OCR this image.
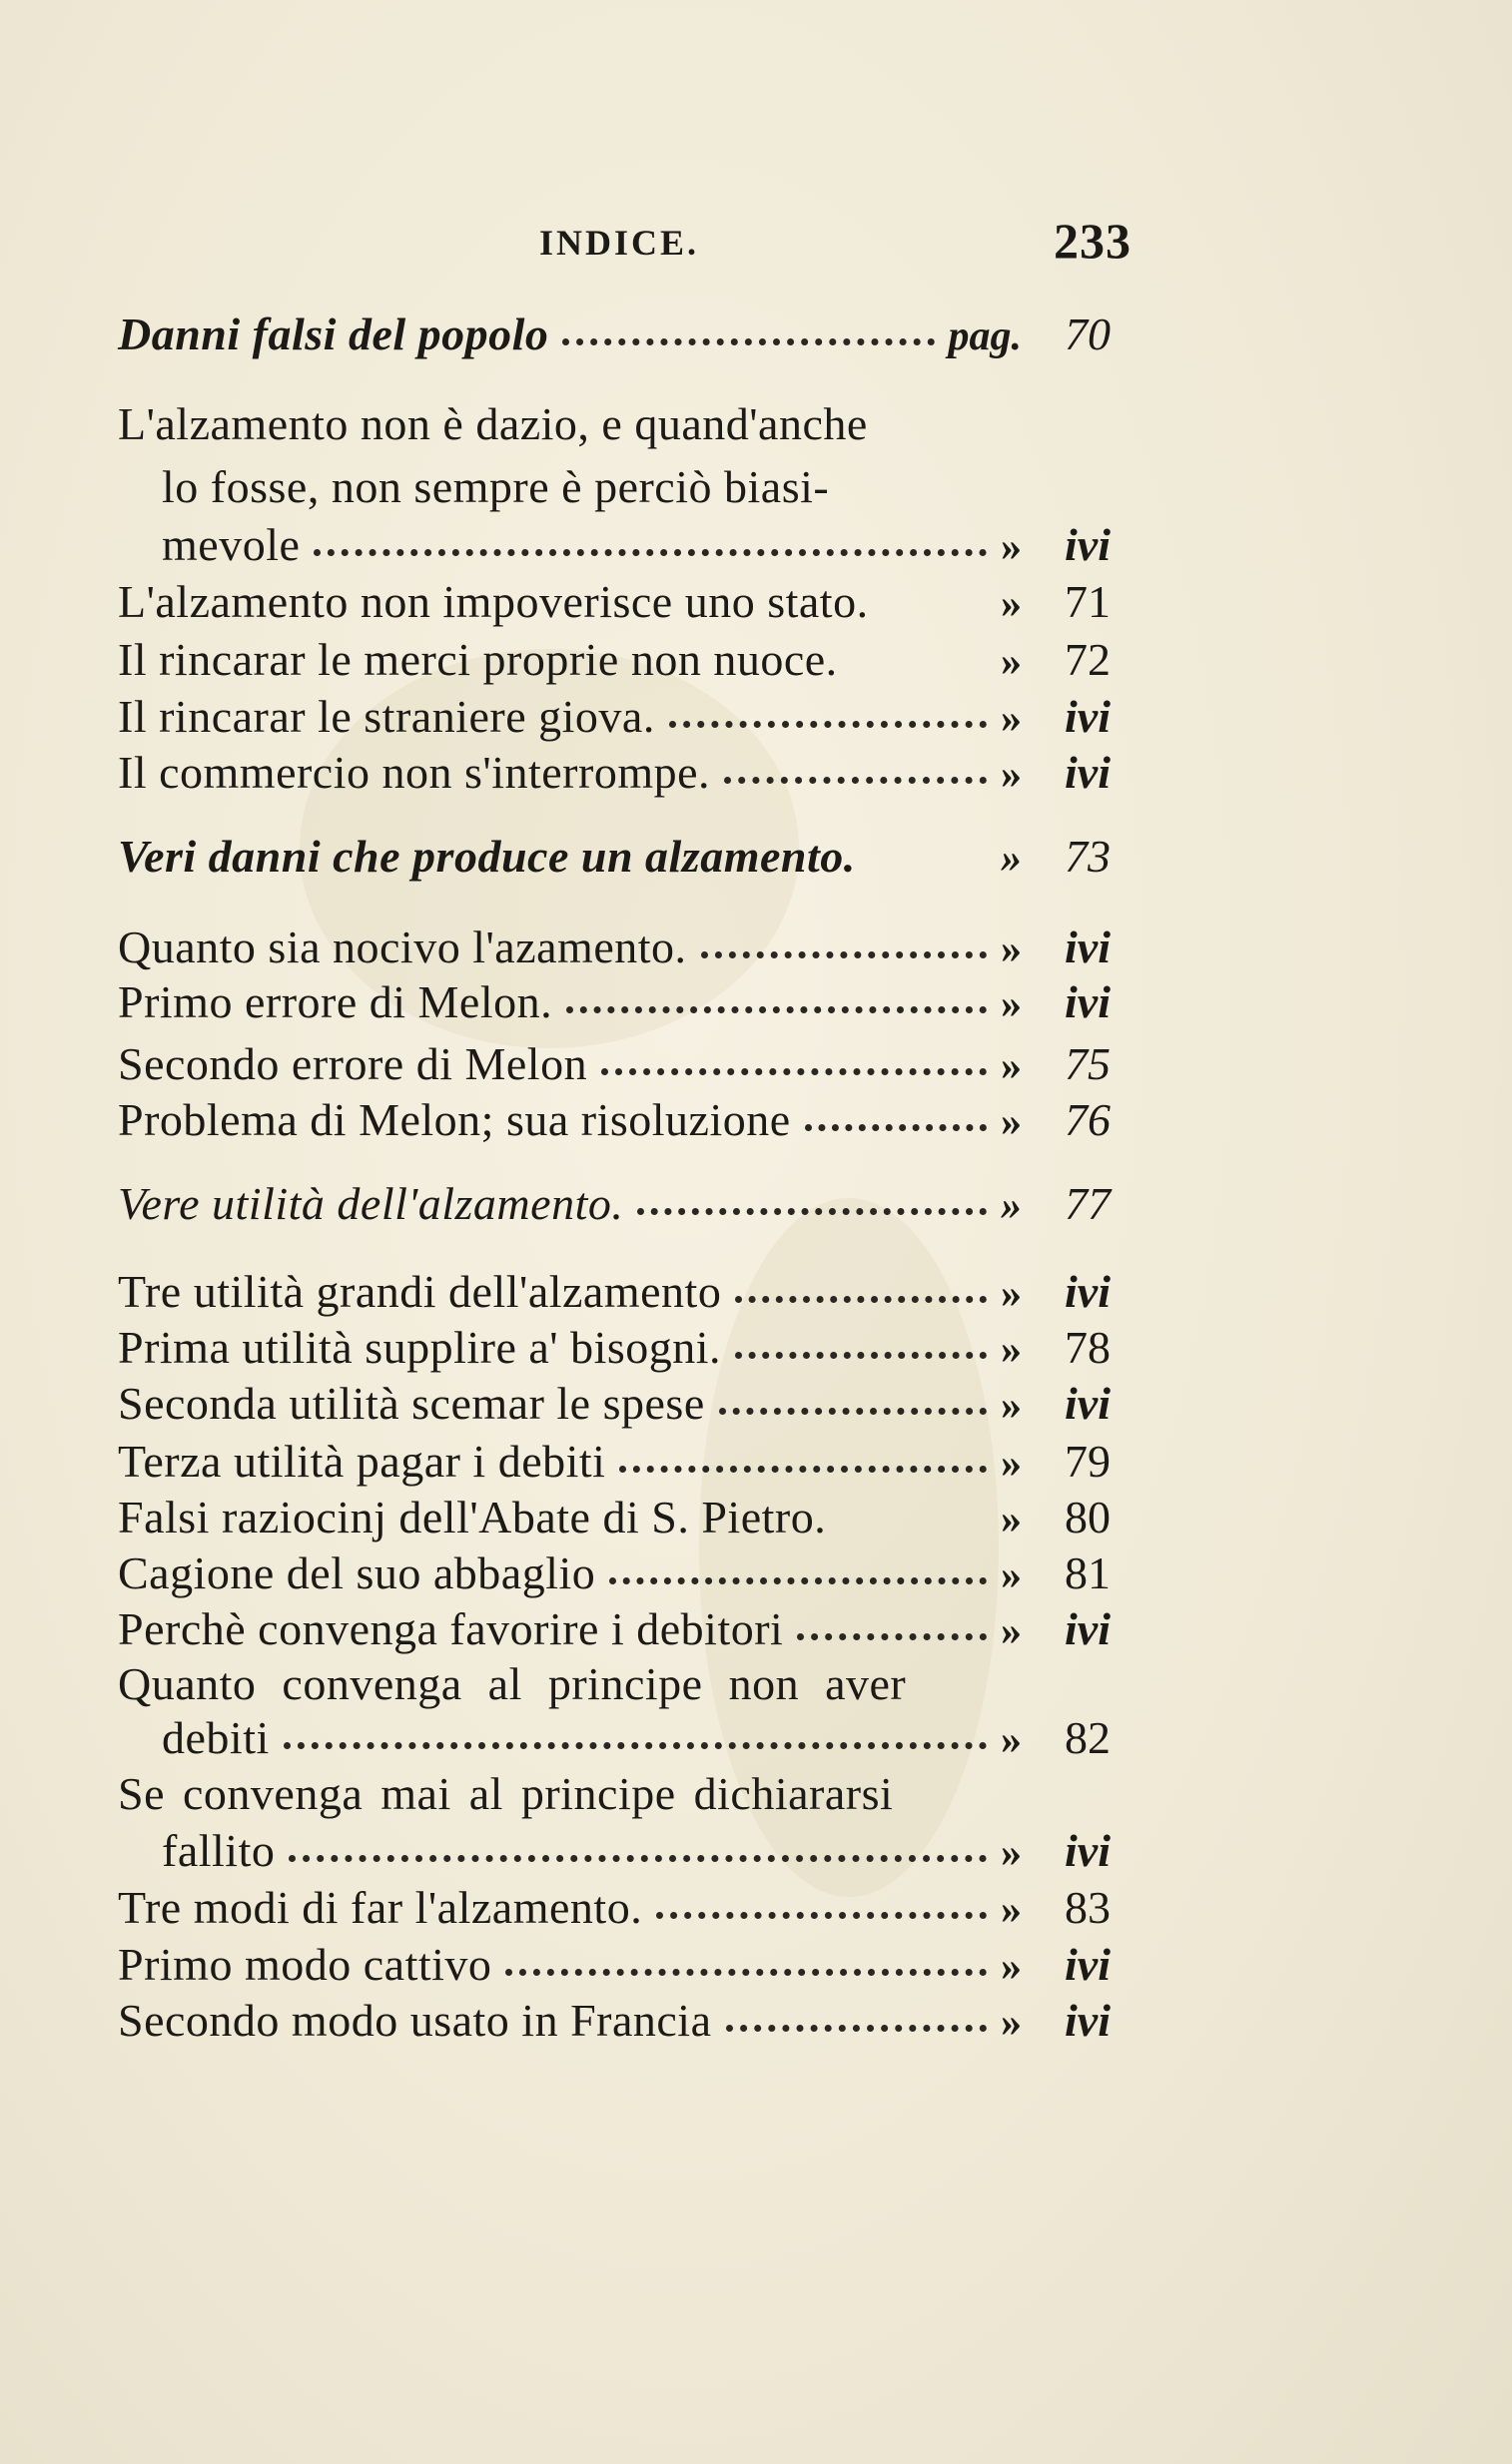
INDICE.	233
Danni falsi del popolo	pag. 70
L'alzamento non è dazio, e quand'anche
lo fosse, non sempre è perciò biasi-
mevole	» ivi
L'alzamento non impoverisce uno stato.	» 71
Il rincarar le merci proprie non nuoce.	» 72
Il rincarar le straniere giova.	» ivi
Il commercio non s'interrompe.	» ivi
Veri danni che produce un alzamento.	» 73
Quanto sia nocivo l'azamento.	» ivi
Primo errore di Melon.	» ivi
Secondo errore di Melon	» 75
Problema di Melon; sua risoluzione	» 76
Vere utilità dell'alzamento.	» 77
Tre utilità grandi dell'alzamento	» ivi
Prima utilità supplire a' bisogni.	» 78
Seconda utilità scemar le spese	» ivi
Terza utilità pagar i debiti	» 79
Falsi raziocinj dell'Abate di S. Pietro.	» 80
Cagione del suo abbaglio	» 81
Perchè convenga favorire i debitori	» ivi
Quanto convenga al principe non aver
debiti	» 82
Se convenga mai al principe dichiararsi
fallito	» ivi
Tre modi di far l'alzamento.	» 83
Primo modo cattivo	» ivi
Secondo modo usato in Francia	» ivi
